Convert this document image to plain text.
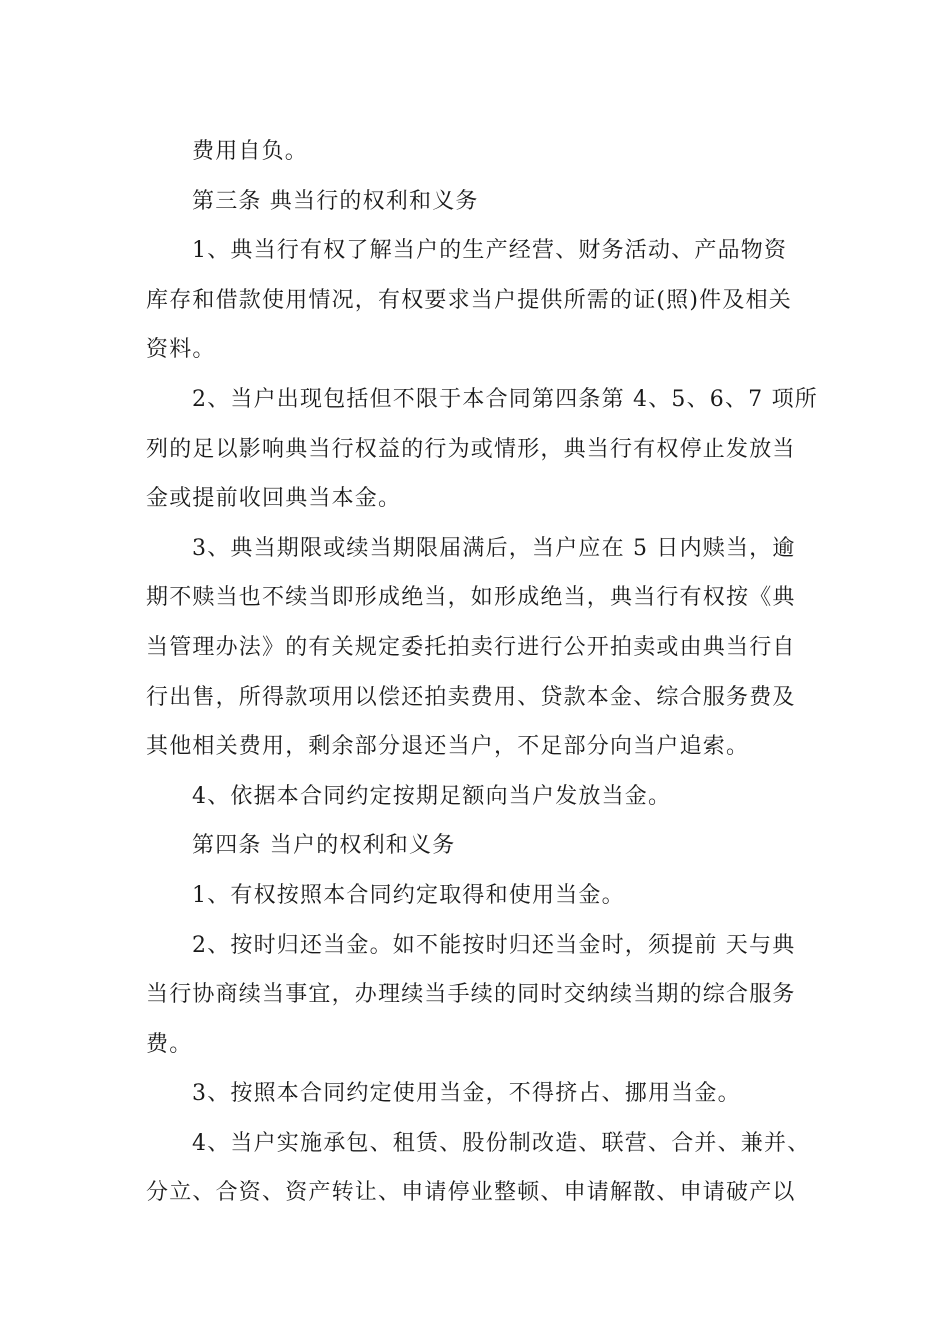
费用自负。

第三条 典当行的权利和义务

1、典当行有权了解当户的生产经营、财务活动、产品物资
库存和借款使用情况，有权要求当户提供所需的证(照)件及相关
资料。

2、当户出现包括但不限于本合同第四条第 4、5、6、7 项所
列的足以影响典当行权益的行为或情形，典当行有权停止发放当
金或提前收回典当本金。

3、典当期限或续当期限届满后，当户应在 5 日内赎当，逾
期不赎当也不续当即形成绝当，如形成绝当，典当行有权按《典
当管理办法》的有关规定委托拍卖行进行公开拍卖或由典当行自
行出售，所得款项用以偿还拍卖费用、贷款本金、综合服务费及
其他相关费用，剩余部分退还当户，不足部分向当户追索。

4、依据本合同约定按期足额向当户发放当金。

第四条 当户的权利和义务

1、有权按照本合同约定取得和使用当金。

2、按时归还当金。如不能按时归还当金时，须提前 天与典
当行协商续当事宜，办理续当手续的同时交纳续当期的综合服务
费。

3、按照本合同约定使用当金，不得挤占、挪用当金。

4、当户实施承包、租赁、股份制改造、联营、合并、兼并、
分立、合资、资产转让、申请停业整顿、申请解散、申请破产以
